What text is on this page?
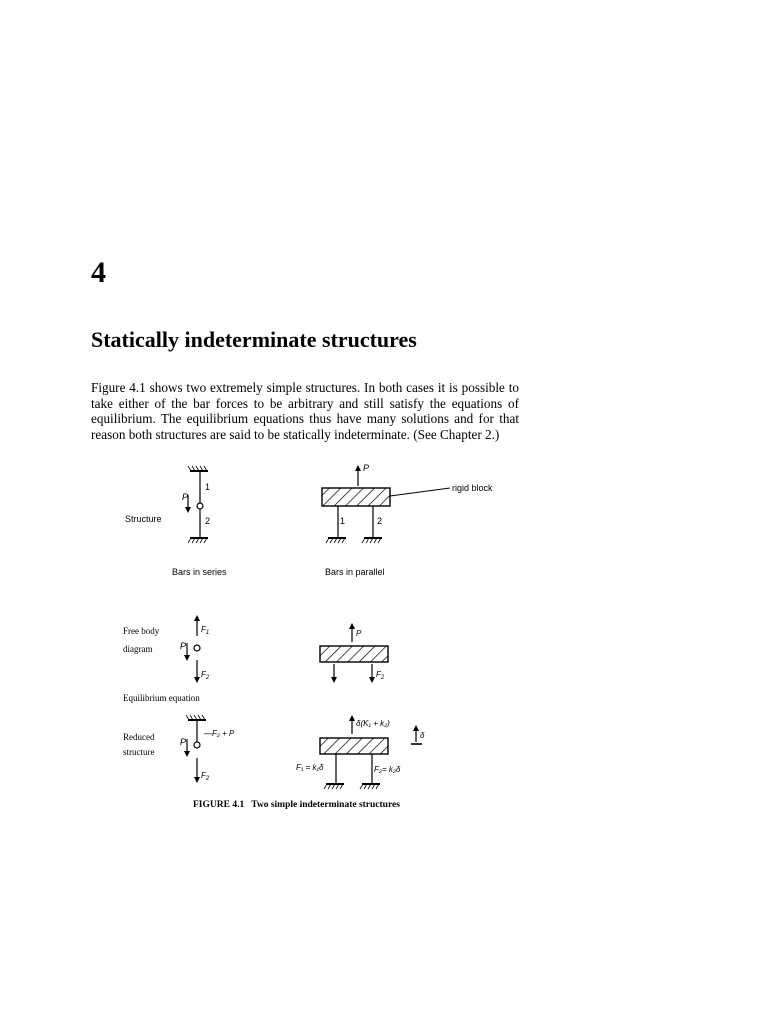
4
Statically indeterminate structures

Figure 4.1 shows two extremely simple structures. In both cases it is possible to take either of the bar forces to be arbitrary and still satisfy the equations of equilibrium. The equilibrium equations thus have many solutions and for that reason both structures are said to be statically indeterminate. (See Chapter 2.)

Structure
P
1
2
P
rigid block
1	2
Bars in series	Bars in parallel
Free body
diagram
$F_1$
P
$F_2$
P
$F_2$
Equilibrium equation
Reduced
structure
P
—F₂ + P
$F_2$
δ(K₁ + k₂)
F₁ = k₁δ	F₂= k₂δ
δ
FIGURE 4.1 Two simple indeterminate structures
